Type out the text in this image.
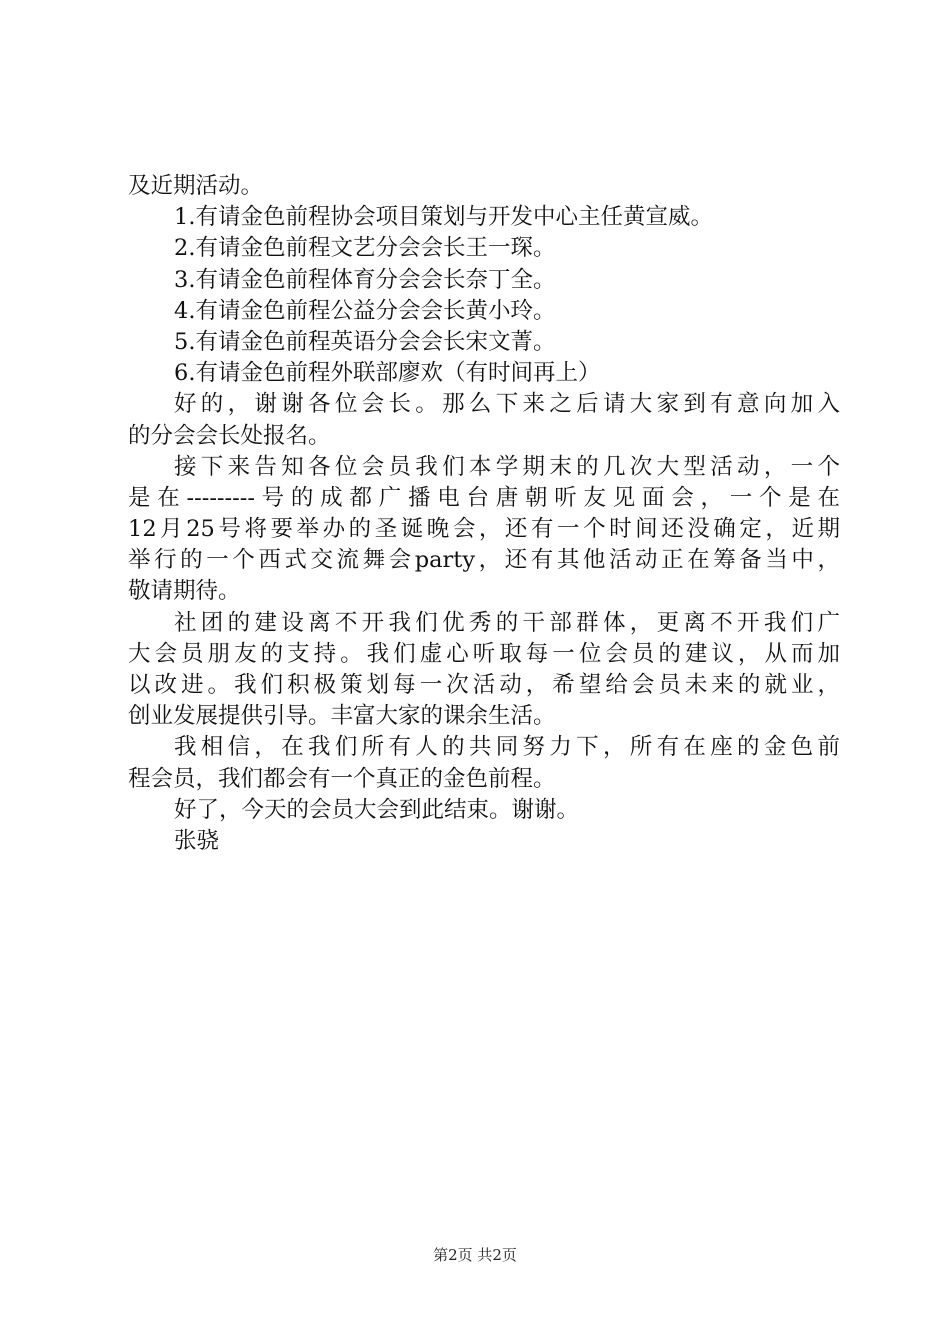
及近期活动。
1.有请金色前程协会项目策划与开发中心主任黄宣威。
2.有请金色前程文艺分会会长王一琛。
3.有请金色前程体育分会会长奈丁全。
4.有请金色前程公益分会会长黄小玲。
5.有请金色前程英语分会会长宋文菁。
6.有请金色前程外联部廖欢（有时间再上）
好的，谢谢各位会长。那么下来之后请大家到有意向加入
的分会会长处报名。
接下来告知各位会员我们本学期末的几次大型活动，一个
是在---------号的成都广播电台唐朝听友见面会，一个是在
12月25号将要举办的圣诞晚会，还有一个时间还没确定，近期
举行的一个西式交流舞会party，还有其他活动正在筹备当中，
敬请期待。
社团的建设离不开我们优秀的干部群体，更离不开我们广
大会员朋友的支持。我们虚心听取每一位会员的建议，从而加
以改进。我们积极策划每一次活动，希望给会员未来的就业，
创业发展提供引导。丰富大家的课余生活。
我相信，在我们所有人的共同努力下，所有在座的金色前
程会员，我们都会有一个真正的金色前程。
好了，今天的会员大会到此结束。谢谢。
张骁
第2页 共2页
